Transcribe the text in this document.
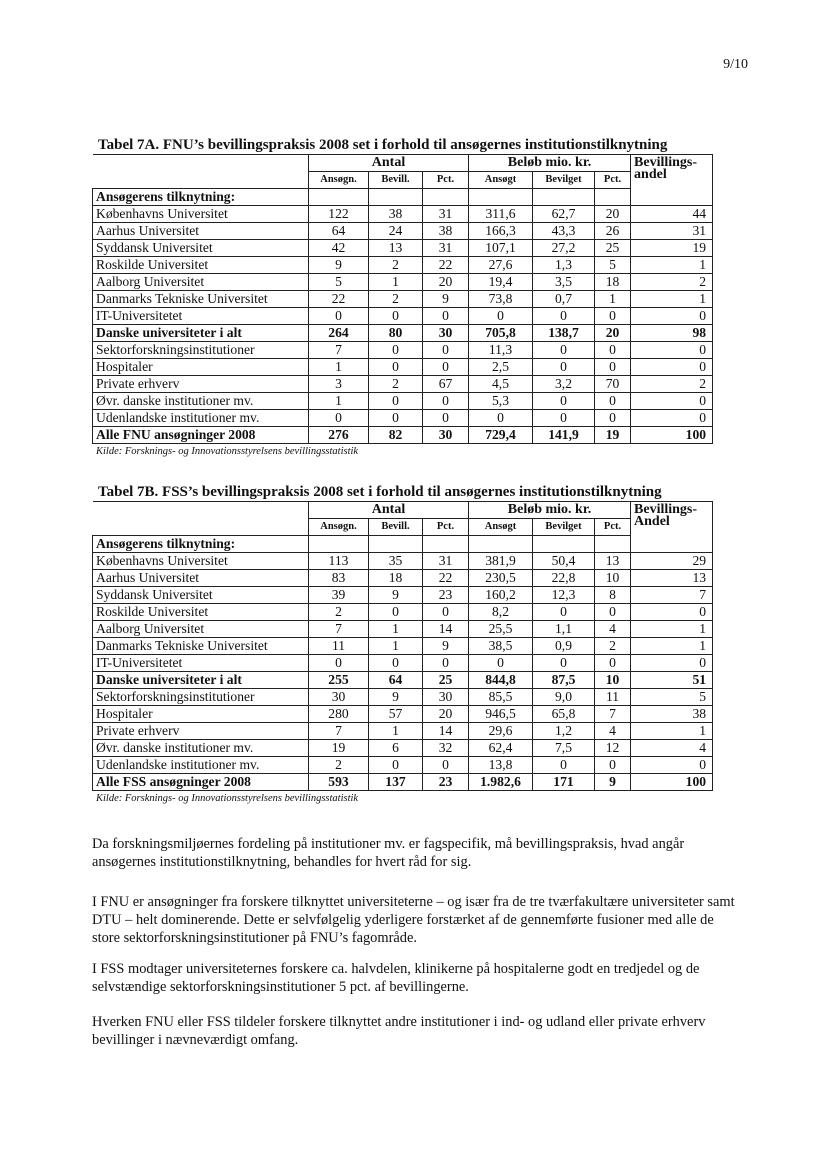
9/10
Tabel 7A. FNU’s bevillingspraksis 2008 set i forhold til ansøgernes institutionstilknytning
	Antal			Beløb mio. kr.			Bevillings-
andel
	Ansøgn.	Bevill.	Pct.	Ansøgt	Bevilget	Pct.	
Ansøgerens tilknytning:							
Københavns Universitet	122	38	31	311,6	62,7	20	44
Aarhus Universitet	64	24	38	166,3	43,3	26	31
Syddansk Universitet	42	13	31	107,1	27,2	25	19
Roskilde Universitet	9	2	22	27,6	1,3	5	1
Aalborg Universitet	5	1	20	19,4	3,5	18	2
Danmarks Tekniske Universitet	22	2	9	73,8	0,7	1	1
IT-Universitetet	0	0	0	0	0	0	0
Danske universiteter i alt	264	80	30	705,8	138,7	20	98
Sektorforskningsinstitutioner	7	0	0	11,3	0	0	0
Hospitaler	1	0	0	2,5	0	0	0
Private erhverv	3	2	67	4,5	3,2	70	2
Øvr. danske institutioner mv.	1	0	0	5,3	0	0	0
Udenlandske institutioner mv.	0	0	0	0	0	0	0
Alle FNU ansøgninger 2008	276	82	30	729,4	141,9	19	100
Kilde: Forsknings- og Innovationsstyrelsens bevillingsstatistik
Tabel 7B. FSS’s bevillingspraksis 2008 set i forhold til ansøgernes institutionstilknytning
	Antal			Beløb mio. kr.			Bevillings-
Andel
	Ansøgn.	Bevill.	Pct.	Ansøgt	Bevilget	Pct.	
Ansøgerens tilknytning:							
Københavns Universitet	113	35	31	381,9	50,4	13	29
Aarhus Universitet	83	18	22	230,5	22,8	10	13
Syddansk Universitet	39	9	23	160,2	12,3	8	7
Roskilde Universitet	2	0	0	8,2	0	0	0
Aalborg Universitet	7	1	14	25,5	1,1	4	1
Danmarks Tekniske Universitet	11	1	9	38,5	0,9	2	1
IT-Universitetet	0	0	0	0	0	0	0
Danske universiteter i alt	255	64	25	844,8	87,5	10	51
Sektorforskningsinstitutioner	30	9	30	85,5	9,0	11	5
Hospitaler	280	57	20	946,5	65,8	7	38
Private erhverv	7	1	14	29,6	1,2	4	1
Øvr. danske institutioner mv.	19	6	32	62,4	7,5	12	4
Udenlandske institutioner mv.	2	0	0	13,8	0	0	0
Alle FSS ansøgninger 2008	593	137	23	1.982,6	171	9	100
Kilde: Forsknings- og Innovationsstyrelsens bevillingsstatistik

Da forskningsmiljøernes fordeling på institutioner mv. er fagspecifik, må bevillingspraksis, hvad angår ansøgernes institutionstilknytning, behandles for hvert råd for sig.

I FNU er ansøgninger fra forskere tilknyttet universiteterne – og især fra de tre tværfakultære universiteter samt DTU – helt dominerende. Dette er selvfølgelig yderligere forstærket af de gennemførte fusioner med alle de store sektorforskningsinstitutioner på FNU’s fagområde.

I FSS modtager universiteternes forskere ca. halvdelen, klinikerne på hospitalerne godt en tredjedel og de selvstændige sektorforskningsinstitutioner 5 pct. af bevillingerne.

Hverken FNU eller FSS tildeler forskere tilknyttet andre institutioner i ind- og udland eller private erhverv bevillinger i nævneværdigt omfang.
